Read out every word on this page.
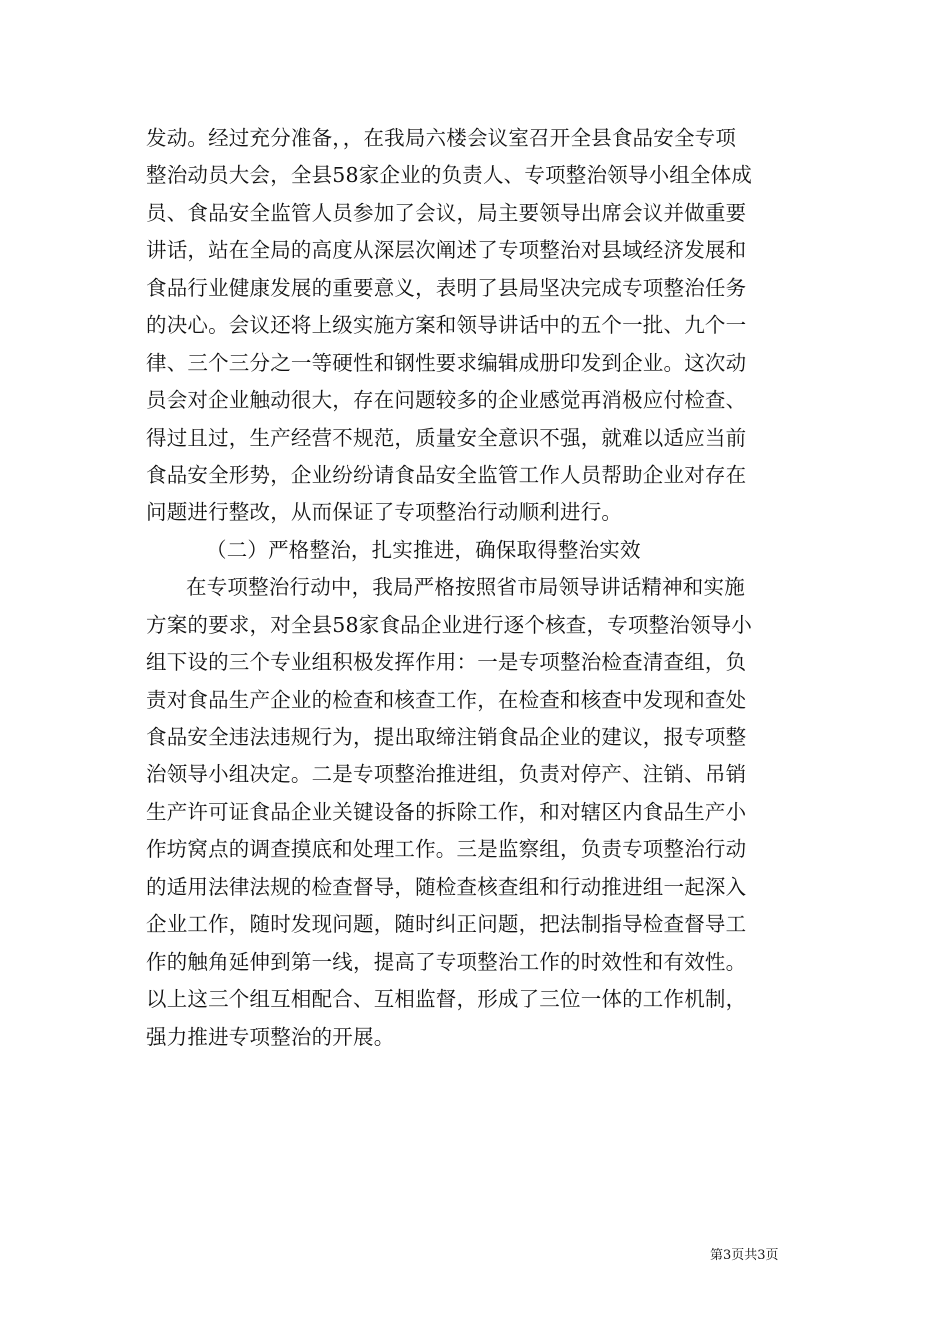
发动。经过充分准备，，在我局六楼会议室召开全县食品安全专项
整治动员大会，全县58家企业的负责人、专项整治领导小组全体成
员、食品安全监管人员参加了会议，局主要领导出席会议并做重要
讲话，站在全局的高度从深层次阐述了专项整治对县域经济发展和
食品行业健康发展的重要意义，表明了县局坚决完成专项整治任务
的决心。会议还将上级实施方案和领导讲话中的五个一批、九个一
律、三个三分之一等硬性和钢性要求编辑成册印发到企业。这次动
员会对企业触动很大，存在问题较多的企业感觉再消极应付检查、
得过且过，生产经营不规范，质量安全意识不强，就难以适应当前
食品安全形势，企业纷纷请食品安全监管工作人员帮助企业对存在
问题进行整改，从而保证了专项整治行动顺利进行。
（二）严格整治，扎实推进，确保取得整治实效
在专项整治行动中，我局严格按照省市局领导讲话精神和实施
方案的要求，对全县58家食品企业进行逐个核查，专项整治领导小
组下设的三个专业组积极发挥作用：一是专项整治检查清查组，负
责对食品生产企业的检查和核查工作，在检查和核查中发现和查处
食品安全违法违规行为，提出取缔注销食品企业的建议，报专项整
治领导小组决定。二是专项整治推进组，负责对停产、注销、吊销
生产许可证食品企业关键设备的拆除工作，和对辖区内食品生产小
作坊窝点的调查摸底和处理工作。三是监察组，负责专项整治行动
的适用法律法规的检查督导，随检查核查组和行动推进组一起深入
企业工作，随时发现问题，随时纠正问题，把法制指导检查督导工
作的触角延伸到第一线，提高了专项整治工作的时效性和有效性。
以上这三个组互相配合、互相监督，形成了三位一体的工作机制，
强力推进专项整治的开展。
第3页共3页
